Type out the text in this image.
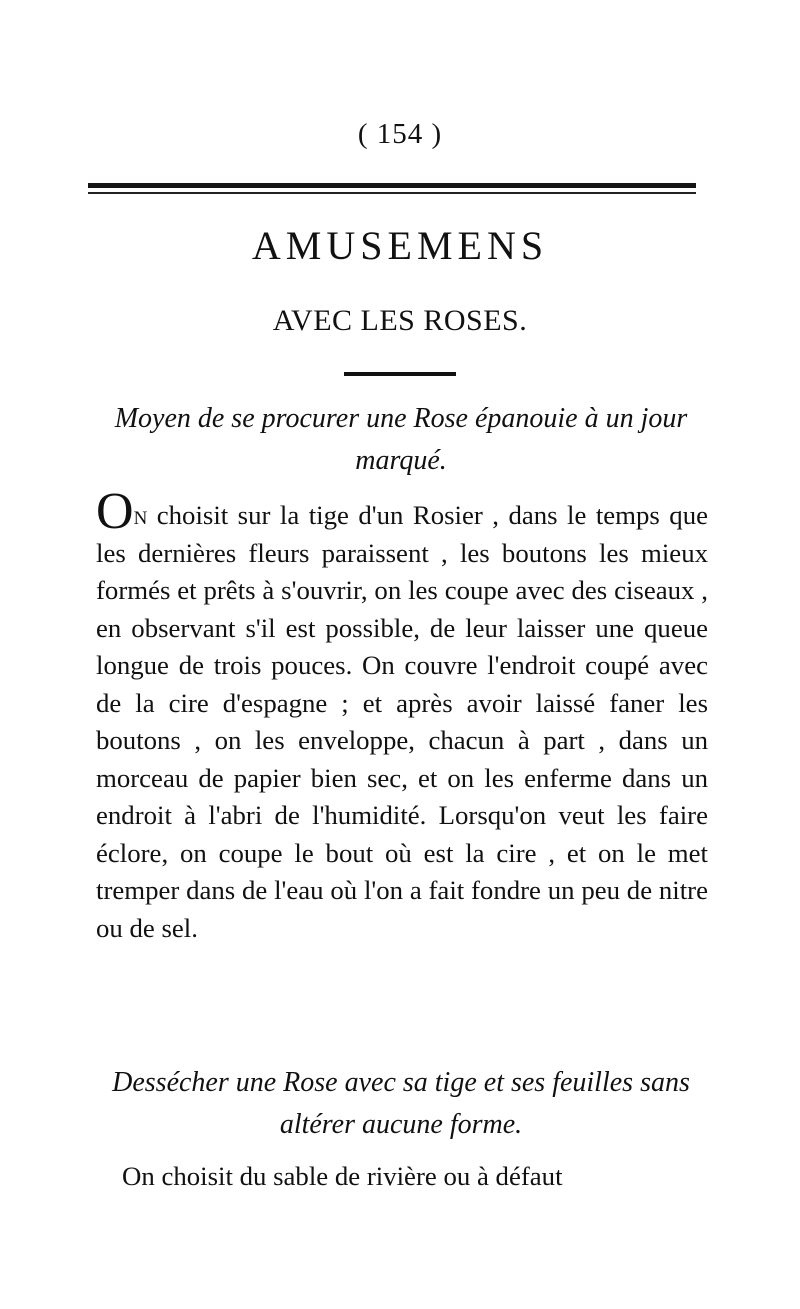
( 154 )
AMUSEMENS
AVEC LES ROSES.
Moyen de se procurer une Rose épanouie à un jour marqué.
On choisit sur la tige d'un Rosier , dans le temps que les dernières fleurs paraissent , les boutons les mieux formés et prêts à s'ouvrir, on les coupe avec des ciseaux , en observant s'il est possible, de leur laisser une queue longue de trois pouces. On couvre l'endroit coupé avec de la cire d'espagne ; et après avoir laissé faner les boutons , on les enveloppe, chacun à part , dans un morceau de papier bien sec, et on les enferme dans un endroit à l'abri de l'humidité. Lorsqu'on veut les faire éclore, on coupe le bout où est la cire , et on le met tremper dans de l'eau où l'on a fait fondre un peu de nitre ou de sel.
Dessécher une Rose avec sa tige et ses feuilles sans altérer aucune forme.
On choisit du sable de rivière ou à défaut
